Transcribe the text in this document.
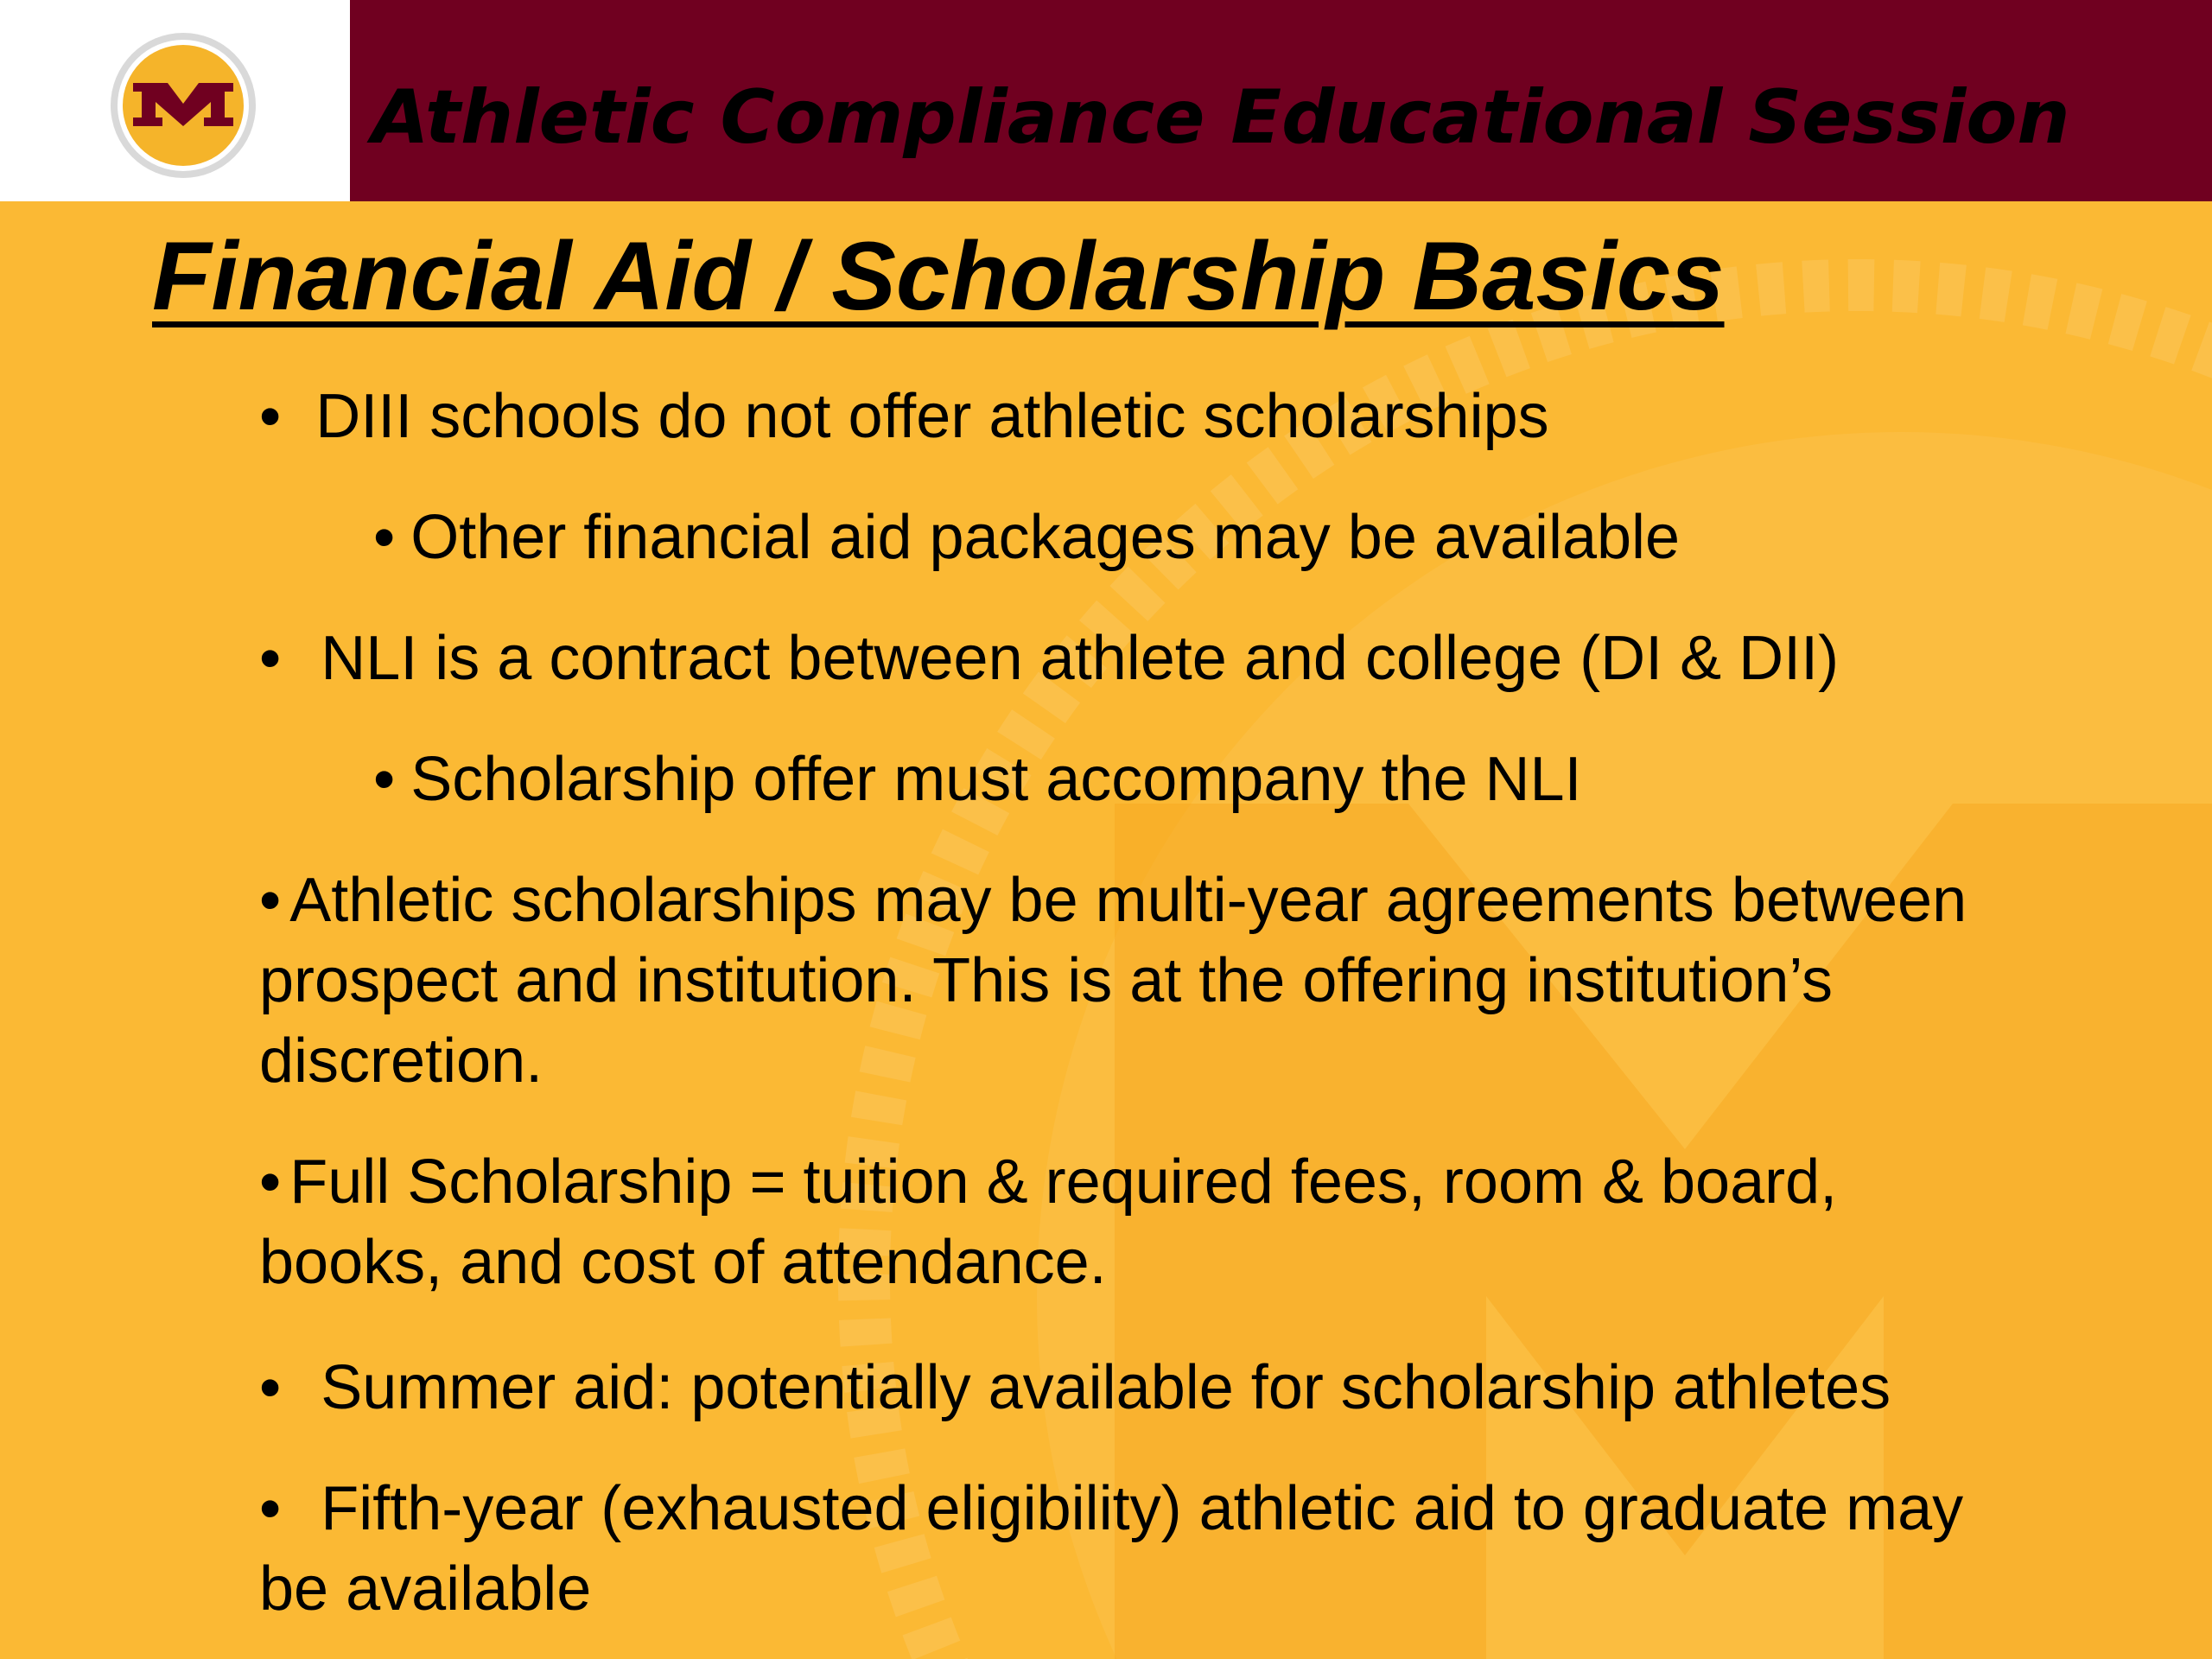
Athletic Compliance Educational Session
Financial Aid / Scholarship Basics
• DIII schools do not offer athletic scholarships
• Other financial aid packages may be available
• NLI is a contract between athlete and college (DI & DII)
• Scholarship offer must accompany the NLI
• Athletic scholarships may be multi-year agreements between prospect and institution. This is at the offering institution’s discretion.
• Full Scholarship = tuition & required fees, room & board, books, and cost of attendance.
• Summer aid: potentially available for scholarship athletes
• Fifth-year (exhausted eligibility) athletic aid to graduate may be available
